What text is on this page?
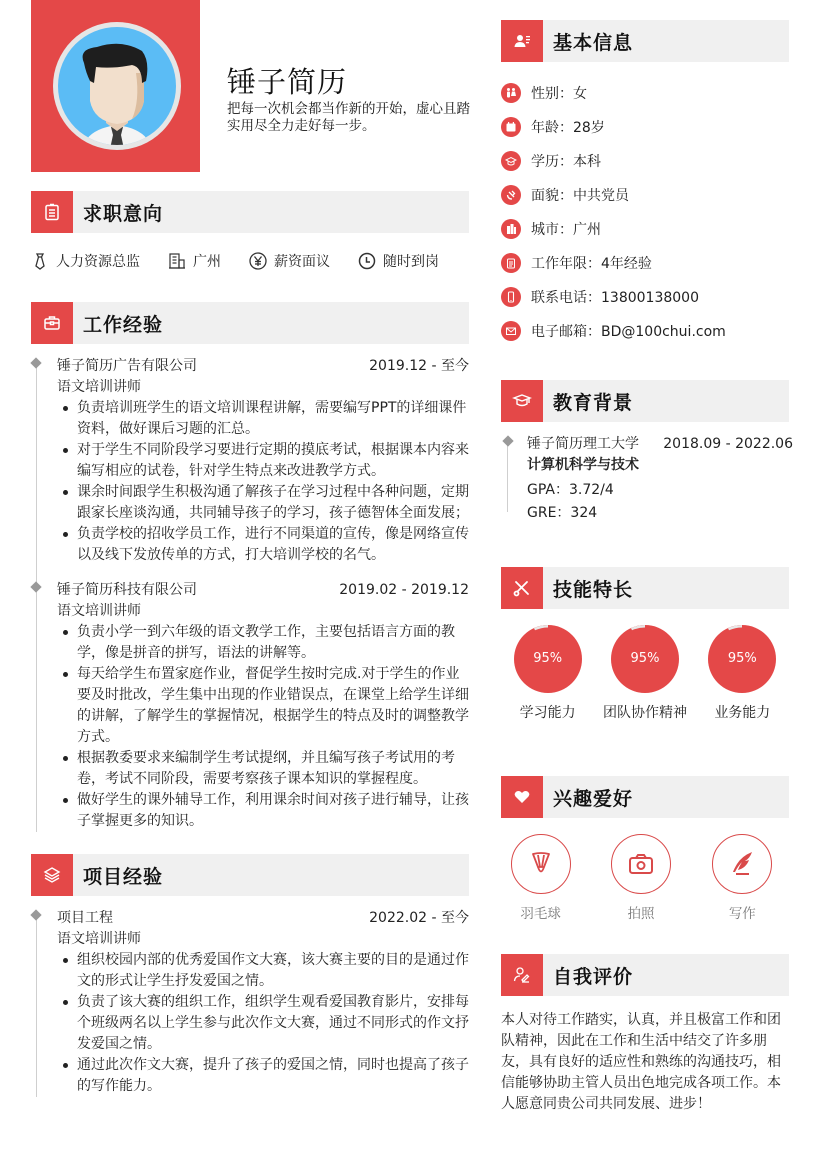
锤子简历
把每一次机会都当作新的开始，虚心且踏实用尽全力走好每一步。
求职意向
人力资源总监	广州	薪资面议	随时到岗
工作经验
锤子简历广告有限公司	2019.12 - 至今
语文培训讲师
负责培训班学生的语文培训课程讲解，需要编写PPT的详细课件资料，做好课后习题的汇总。
对于学生不同阶段学习要进行定期的摸底考试，根据课本内容来编写相应的试卷，针对学生特点来改进教学方式。
课余时间跟学生积极沟通了解孩子在学习过程中各种问题，定期跟家长座谈沟通，共同辅导孩子的学习，孩子德智体全面发展；
负责学校的招收学员工作，进行不同渠道的宣传，像是网络宣传以及线下发放传单的方式，打大培训学校的名气。
锤子简历科技有限公司	2019.02 - 2019.12
语文培训讲师
负责小学一到六年级的语文教学工作，主要包括语言方面的教学，像是拼音的拼写，语法的讲解等。
每天给学生布置家庭作业，督促学生按时完成.对于学生的作业要及时批改，学生集中出现的作业错误点，在课堂上给学生详细的讲解，了解学生的掌握情况，根据学生的特点及时的调整教学方式。
根据教委要求来编制学生考试提纲，并且编写孩子考试用的考卷，考试不同阶段，需要考察孩子课本知识的掌握程度。
做好学生的课外辅导工作，利用课余时间对孩子进行辅导，让孩子掌握更多的知识。
项目经验
项目工程	2022.02 - 至今
语文培训讲师
组织校园内部的优秀爱国作文大赛，该大赛主要的目的是通过作文的形式让学生抒发爱国之情。
负责了该大赛的组织工作，组织学生观看爱国教育影片，安排每个班级两名以上学生参与此次作文大赛，通过不同形式的作文抒发爱国之情。
通过此次作文大赛，提升了孩子的爱国之情，同时也提高了孩子的写作能力。
基本信息
性别：女
年龄：28岁
学历：本科
面貌：中共党员
城市：广州
工作年限：4年经验
联系电话：13800138000
电子邮箱：BD@100chui.com
教育背景
锤子简历理工大学 2018.09 - 2022.06
计算机科学与技术
GPA：3.72/4
GRE：324
技能特长
95%
学习能力
95%
团队协作精神
95%
业务能力
兴趣爱好
羽毛球	拍照	写作
自我评价
本人对待工作踏实，认真，并且极富工作和团队精神，因此在工作和生活中结交了许多朋友，具有良好的适应性和熟练的沟通技巧，相信能够协助主管人员出色地完成各项工作。本人愿意同贵公司共同发展、进步！
